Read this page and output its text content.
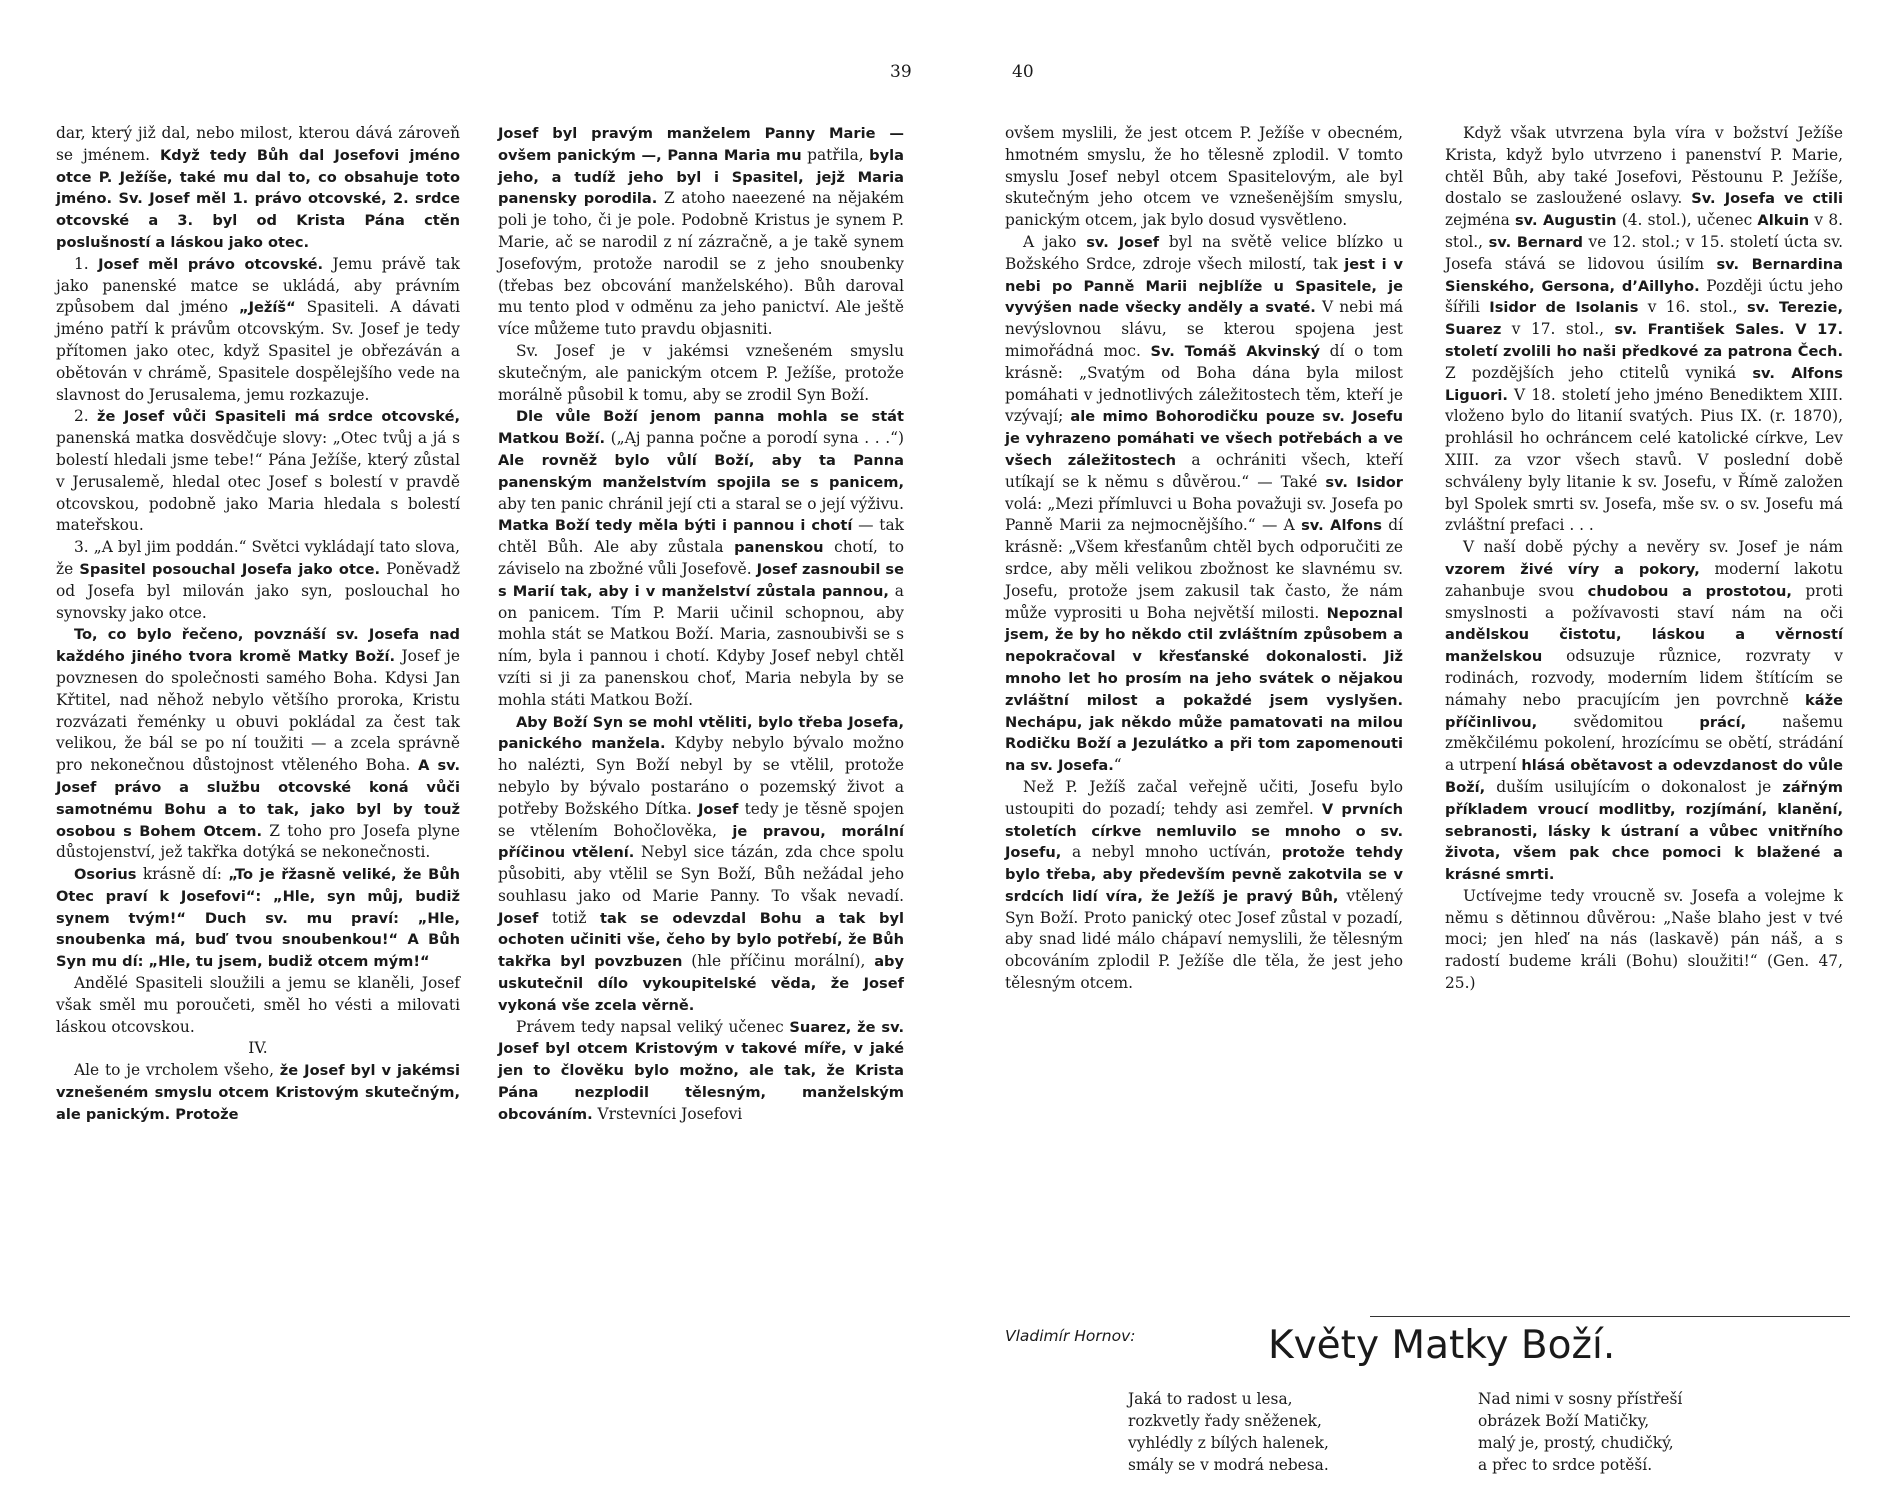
39	40

dar, který již dal, nebo milost, kterou dává zároveň se jménem. Když tedy Bůh dal Josefovi jméno otce P. Ježíše, také mu dal to, co obsahuje toto jméno. Sv. Josef měl 1. právo otcovské, 2. srdce otcovské a 3. byl od Krista Pána ctěn poslušností a láskou jako otec.

1. Josef měl právo otcovské. Jemu právě tak jako panenské matce se ukládá, aby právním způsobem dal jméno „Ježíš“ Spasiteli. A dávati jméno patří k právům otcovským. Sv. Josef je tedy přítomen jako otec, když Spasitel je obřezáván a obětován v chrámě, Spasitele dospělejšího vede na slavnost do Jerusalema, jemu rozkazuje.

2. že Josef vůči Spasiteli má srdce otcovské, panenská matka dosvědčuje slovy: „Otec tvůj a já s bolestí hledali jsme tebe!“ Pána Ježíše, který zůstal v Jerusalemě, hledal otec Josef s bolestí v pravdě otcovskou, podobně jako Maria hledala s bolestí mateřskou.

3. „A byl jim poddán.“ Světci vykládají tato slova, že Spasitel posouchal Josefa jako otce. Poněvadž od Josefa byl milován jako syn, poslouchal ho synovsky jako otce.

To, co bylo řečeno, povznáší sv. Josefa nad každého jiného tvora kromě Matky Boží. Josef je povznesen do společnosti samého Boha. Kdysi Jan Křtitel, nad něhož nebylo většího proroka, Kristu rozvázati řeménky u obuvi pokládal za čest tak velikou, že bál se po ní toužiti — a zcela správně pro nekonečnou důstojnost vtěleného Boha. A sv. Josef právo a službu otcovské koná vůči samotnému Bohu a to tak, jako byl by touž osobou s Bohem Otcem. Z toho pro Josefa plyne důstojenství, jež takřka dotýká se nekonečnosti.

Osorius krásně dí: „To je řžasně veliké, že Bůh Otec praví k Josefovi“: „Hle, syn můj, budiž synem tvým!“ Duch sv. mu praví: „Hle, snoubenka má, buď tvou snoubenkou!“ A Bůh Syn mu dí: „Hle, tu jsem, budiž otcem mým!“

Andělé Spasiteli sloužili a jemu se klaněli, Josef však směl mu poroučeti, směl ho vésti a milovati láskou otcovskou.

IV.

Ale to je vrcholem všeho, že Josef byl v jakémsi vznešeném smyslu otcem Kristovým skutečným, ale panickým. Protože

Josef byl pravým manželem Panny Marie — ovšem panickým —, Panna Maria mu patřila, byla jeho, a tudíž jeho byl i Spasitel, jejž Maria panensky porodila. Z atoho naeezené na nějakém poli je toho, či je pole. Podobně Kristus je synem P. Marie, ač se narodil z ní zázračně, a je takě synem Josefovým, protože narodil se z jeho snoubenky (třebas bez obcování manželského). Bůh daroval mu tento plod v odměnu za jeho panictví. Ale ještě více můžeme tuto pravdu objasniti.

Sv. Josef je v jakémsi vznešeném smyslu skutečným, ale panickým otcem P. Ježíše, protože morálně působil k tomu, aby se zrodil Syn Boží.

Dle vůle Boží jenom panna mohla se stát Matkou Boží. („Aj panna počne a porodí syna . . .“) Ale rovněž bylo vůlí Boží, aby ta Panna panenským manželstvím spojila se s panicem, aby ten panic chránil její cti a staral se o její výživu. Matka Boží tedy měla býti i pannou i chotí — tak chtěl Bůh. Ale aby zůstala panenskou chotí, to záviselo na zbožné vůli Josefově. Josef zasnoubil se s Marií tak, aby i v manželství zůstala pannou, a on panicem. Tím P. Marii učinil schopnou, aby mohla stát se Matkou Boží. Maria, zasnoubivši se s ním, byla i pannou i chotí. Kdyby Josef nebyl chtěl vzíti si ji za panenskou choť, Maria nebyla by se mohla státi Matkou Boží.

Aby Boží Syn se mohl vtěliti, bylo třeba Josefa, panického manžela. Kdyby nebylo bývalo možno ho nalézti, Syn Boží nebyl by se vtělil, protože nebylo by bývalo postaráno o pozemský život a potřeby Božského Dítka. Josef tedy je těsně spojen se vtělením Bohočlověka, je pravou, morální příčinou vtělení. Nebyl sice tázán, zda chce spolu působiti, aby vtělil se Syn Boží, Bůh nežádal jeho souhlasu jako od Marie Panny. To však nevadí. Josef totiž tak se odevzdal Bohu a tak byl ochoten učiniti vše, čeho by bylo potřebí, že Bůh takřka byl povzbuzen (hle příčinu morální), aby uskutečnil dílo vykoupitelské věda, že Josef vykoná vše zcela věrně.

Právem tedy napsal veliký učenec Suarez, že sv. Josef byl otcem Kristovým v takové míře, v jaké jen to člověku bylo možno, ale tak, že Krista Pána nezplodil tělesným, manželským obcováním. Vrstevníci Josefovi

ovšem myslili, že jest otcem P. Ježíše v obecném, hmotném smyslu, že ho tělesně zplodil. V tomto smyslu Josef nebyl otcem Spasitelovým, ale byl skutečným jeho otcem ve vznešenějším smyslu, panickým otcem, jak bylo dosud vysvětleno.

A jako sv. Josef byl na světě velice blízko u Božského Srdce, zdroje všech milostí, tak jest i v nebi po Panně Marii nejblíže u Spasitele, je vyvýšen nade všecky anděly a svaté. V nebi má nevýslovnou slávu, se kterou spojena jest mimořádná moc. Sv. Tomáš Akvinský dí o tom krásně: „Svatým od Boha dána byla milost pomáhati v jednotlivých záležitostech těm, kteří je vzývají; ale mimo Bohorodičku pouze sv. Josefu je vyhrazeno pomáhati ve všech potřebách a ve všech záležitostech a ochrániti všech, kteří utíkají se k němu s důvěrou.“ — Také sv. Isidor volá: „Mezi přímluvci u Boha považuji sv. Josefa po Panně Marii za nejmocnějšího.“ — A sv. Alfons dí krásně: „Všem křesťanům chtěl bych odporučiti ze srdce, aby měli velikou zbožnost ke slavnému sv. Josefu, protože jsem zakusil tak často, že nám může vyprositi u Boha největší milosti. Nepoznal jsem, že by ho někdo ctil zvláštním způsobem a nepokračoval v křesťanské dokonalosti. Již mnoho let ho prosím na jeho svátek o nějakou zvláštní milost a pokaždé jsem vyslyšen. Nechápu, jak někdo může pamatovati na milou Rodičku Boží a Jezulátko a při tom zapomenouti na sv. Josefa.“

Než P. Ježíš začal veřejně učiti, Josefu bylo ustoupiti do pozadí; tehdy asi zemřel. V prvních stoletích církve nemluvilo se mnoho o sv. Josefu, a nebyl mnoho uctíván, protože tehdy bylo třeba, aby především pevně zakotvila se v srdcích lidí víra, že Ježíš je pravý Bůh, vtělený Syn Boží. Proto panický otec Josef zůstal v pozadí, aby snad lidé málo chápaví nemyslili, že tělesným obcováním zplodil P. Ježíše dle těla, že jest jeho tělesným otcem.

Když však utvrzena byla víra v božství Ježíše Krista, když bylo utvrzeno i panenství P. Marie, chtěl Bůh, aby také Josefovi, Pěstounu P. Ježíše, dostalo se zasloužené oslavy. Sv. Josefa ve ctili zejména sv. Augustin (4. stol.), učenec Alkuin v 8. stol., sv. Bernard ve 12. stol.; v 15. století úcta sv. Josefa stává se lidovou úsilím sv. Bernardina Sienského, Gersona, d’Aillyho. Později úctu jeho šířili Isidor de Isolanis v 16. stol., sv. Terezie, Suarez v 17. stol., sv. František Sales. V 17. století zvolili ho naši předkové za patrona Čech. Z pozdějších jeho ctitelů vyniká sv. Alfons Liguori. V 18. století jeho jméno Benediktem XIII. vloženo bylo do litanií svatých. Pius IX. (r. 1870), prohlásil ho ochráncem celé katolické církve, Lev XIII. za vzor všech stavů. V poslední době schváleny byly litanie k sv. Josefu, v Římě založen byl Spolek smrti sv. Josefa, mše sv. o sv. Josefu má zvláštní prefaci . . .

V naší době pýchy a nevěry sv. Josef je nám vzorem živé víry a pokory, moderní lakotu zahanbuje svou chudobou a prostotou, proti smyslnosti a požívavosti staví nám na oči andělskou čistotu, láskou a věrností manželskou odsuzuje různice, rozvraty v rodinách, rozvody, moderním lidem štítícím se námahy nebo pracujícím jen povrchně káže příčinlivou, svědomitou prácí, našemu změkčilému pokolení, hrozícímu se obětí, strádání a utrpení hlásá obětavost a odevzdanost do vůle Boží, duším usilujícím o dokonalost je zářným příkladem vroucí modlitby, rozjímání, klanění, sebranosti, lásky k ústraní a vůbec vnitřního života, všem pak chce pomoci k blažené a krásné smrti.

Uctívejme tedy vroucně sv. Josefa a volejme k němu s dětinnou důvěrou: „Naše blaho jest v tvé moci; jen hleď na nás (laskavě) pán náš, a s radostí budeme králi (Bohu) sloužiti!“ (Gen. 47, 25.)

Vladimír Hornov:	Květy Matky Boží.
Jaká to radost u lesa,
rozkvetly řady sněženek,
vyhlédly z bílých halenek,
smály se v modrá nebesa.
Nad nimi v sosny přístřeší
obrázek Boží Matičky,
malý je, prostý, chudičký,
a přec to srdce potěší.
